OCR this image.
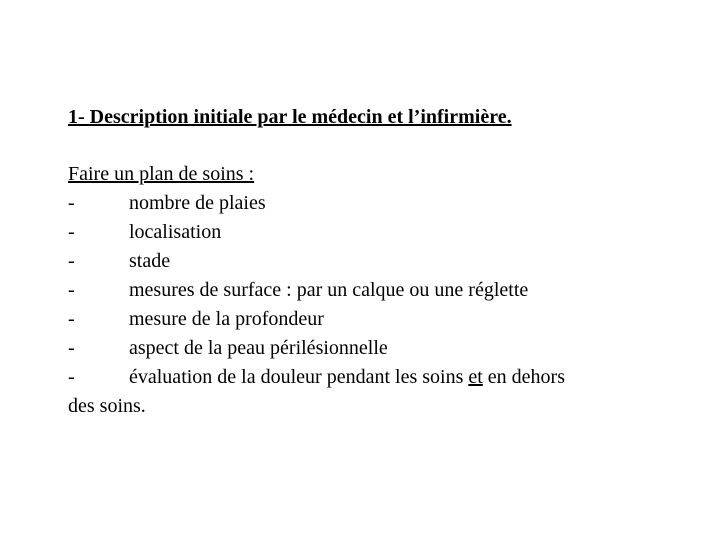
1- Description initiale par le médecin et l’infirmière.
Faire un plan de soins :
-	nombre de plaies
-	localisation
-	stade
-	mesures de surface : par un calque ou une réglette
-	mesure de la profondeur
-	aspect de la peau périlésionnelle
-	évaluation de la douleur pendant les soins et en dehors
des soins.
